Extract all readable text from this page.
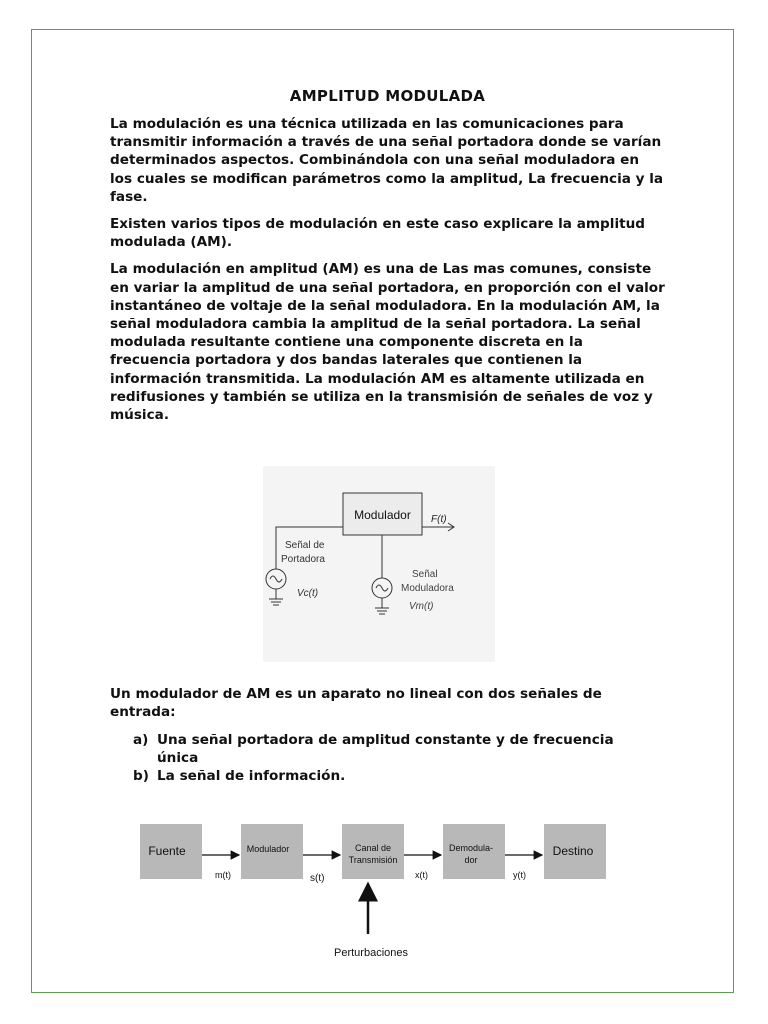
AMPLITUD MODULADA

La modulación es una técnica utilizada en las comunicaciones para transmitir información a través de una señal portadora donde se varían determinados aspectos. Combinándola con una señal moduladora en los cuales se modifican parámetros como la amplitud, La frecuencia y la fase.

Existen varios tipos de modulación en este caso explicare la amplitud modulada (AM).

La modulación en amplitud (AM) es una de Las mas comunes, consiste en variar la amplitud de una señal portadora, en proporción con el valor instantáneo de voltaje de la señal moduladora. En la modulación AM, la señal moduladora cambia la amplitud de la señal portadora. La señal modulada resultante contiene una componente discreta en la frecuencia portadora y dos bandas laterales que contienen la información transmitida. La modulación AM es altamente utilizada en redifusiones y también se utiliza en la transmisión de señales de voz y música.

Modulador F(t)
Señal de
Portadora
Vc(t)
Señal
Moduladora
Vm(t)
Un modulador de AM es un aparato no lineal con dos señales de entrada:
a) Una señal portadora de amplitud constante y de frecuencia única
b) La señal de información.
Fuente	Modulador	Canal de
Transmisión
Demodula-
dor
Destino
m(t)	s(t)	x(t)	y(t)
Perturbaciones
